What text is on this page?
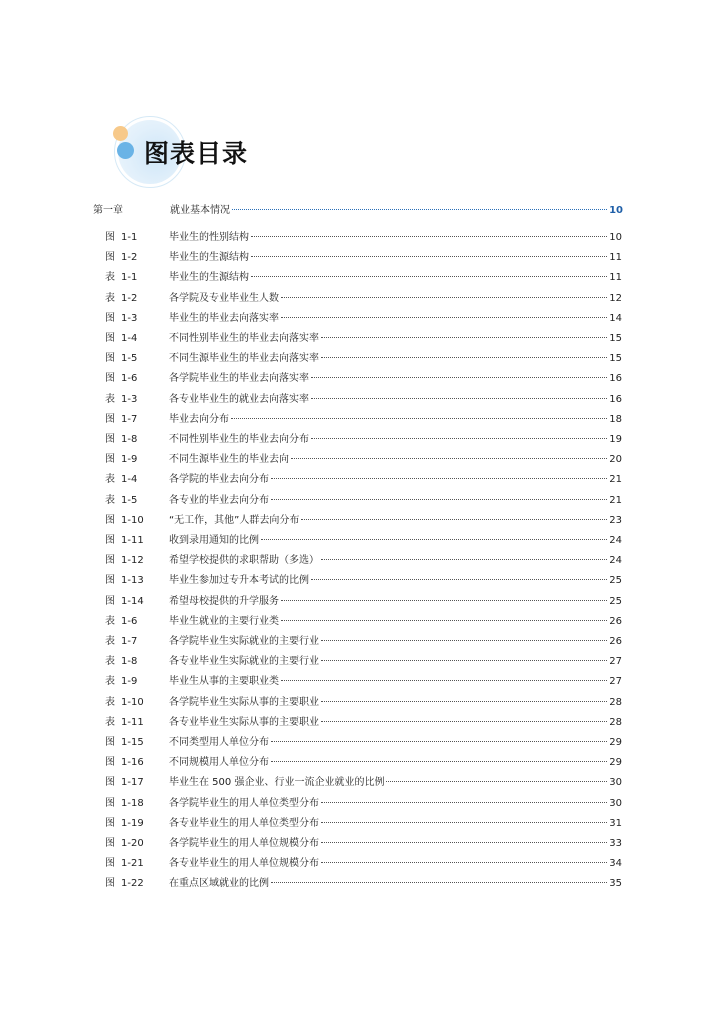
图表目录
第一章	就业基本情况	10
图 1-1	毕业生的性别结构	10
图 1-2	毕业生的生源结构	11
表 1-1	毕业生的生源结构	11
表 1-2	各学院及专业毕业生人数	12
图 1-3	毕业生的毕业去向落实率	14
图 1-4	不同性别毕业生的毕业去向落实率	15
图 1-5	不同生源毕业生的毕业去向落实率	15
图 1-6	各学院毕业生的毕业去向落实率	16
表 1-3	各专业毕业生的就业去向落实率	16
图 1-7	毕业去向分布	18
图 1-8	不同性别毕业生的毕业去向分布	19
图 1-9	不同生源毕业生的毕业去向	20
表 1-4	各学院的毕业去向分布	21
表 1-5	各专业的毕业去向分布	21
图 1-10	“无工作，其他”人群去向分布	23
图 1-11	收到录用通知的比例	24
图 1-12	希望学校提供的求职帮助（多选）	24
图 1-13	毕业生参加过专升本考试的比例	25
图 1-14	希望母校提供的升学服务	25
表 1-6	毕业生就业的主要行业类	26
表 1-7	各学院毕业生实际就业的主要行业	26
表 1-8	各专业毕业生实际就业的主要行业	27
表 1-9	毕业生从事的主要职业类	27
表 1-10	各学院毕业生实际从事的主要职业	28
表 1-11	各专业毕业生实际从事的主要职业	28
图 1-15	不同类型用人单位分布	29
图 1-16	不同规模用人单位分布	29
图 1-17	毕业生在 500 强企业、行业一流企业就业的比例	30
图 1-18	各学院毕业生的用人单位类型分布	30
图 1-19	各专业毕业生的用人单位类型分布	31
图 1-20	各学院毕业生的用人单位规模分布	33
图 1-21	各专业毕业生的用人单位规模分布	34
图 1-22	在重点区域就业的比例	35
